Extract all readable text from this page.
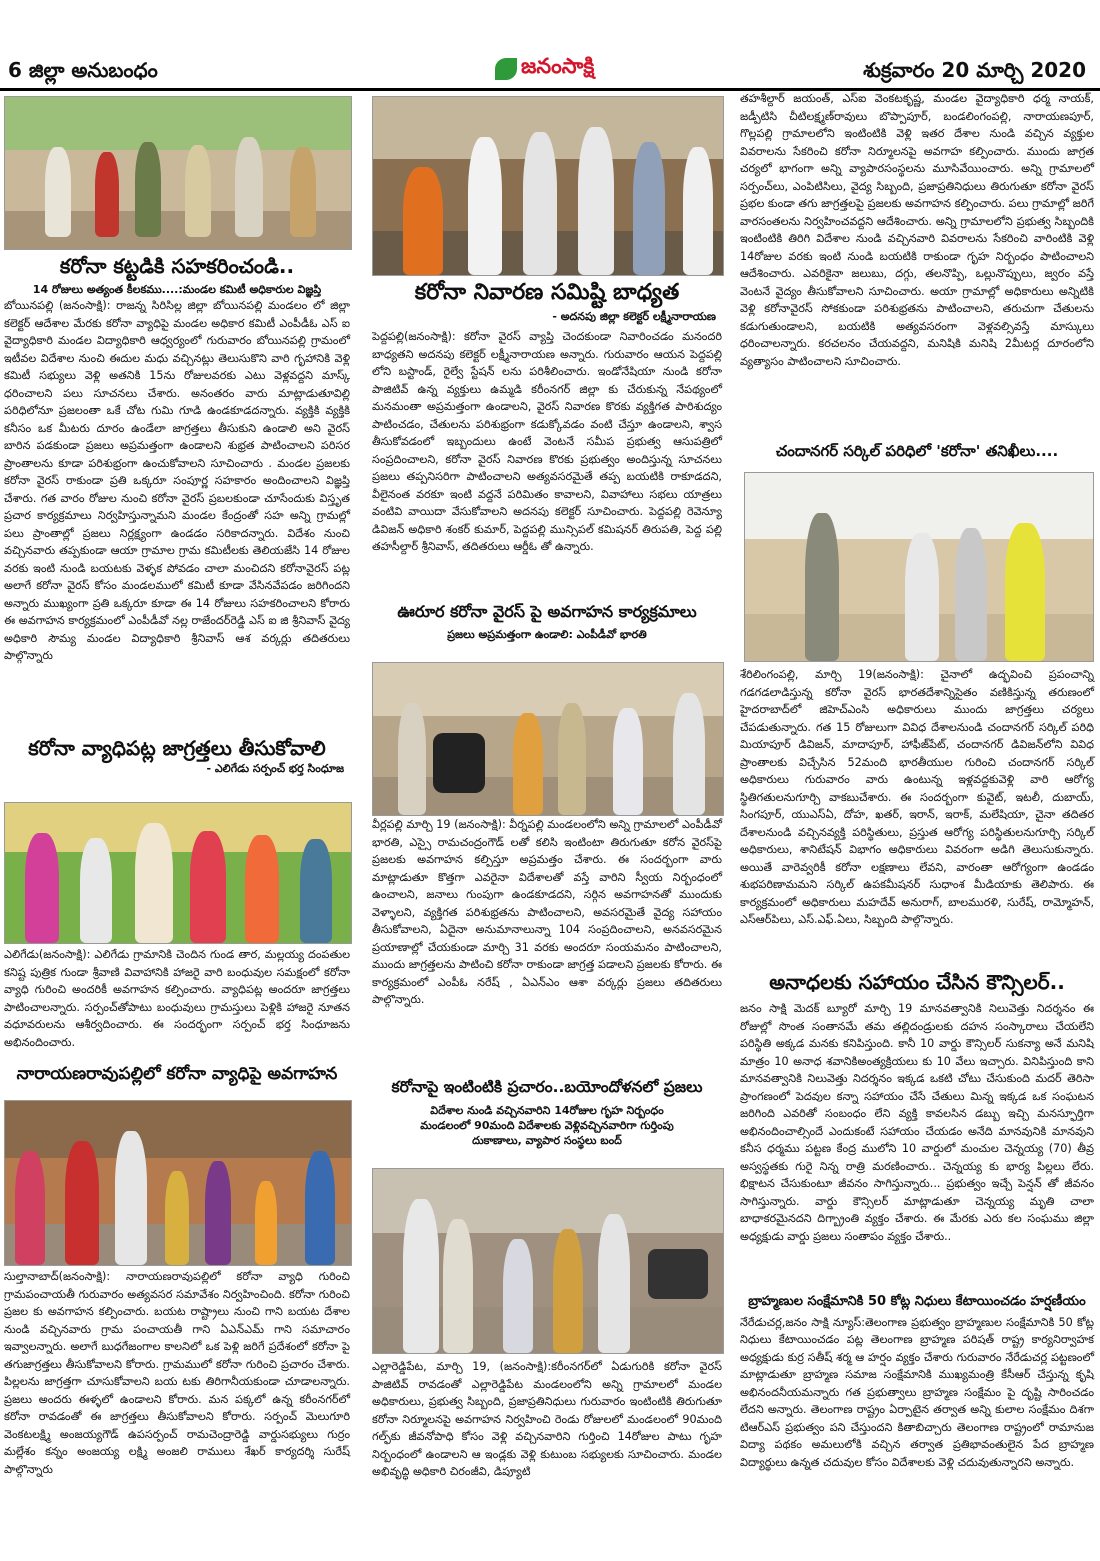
6 జిల్లా అనుబంధం	జనంసాక్షి	శుక్రవారం 20 మార్చి 2020
కరోనా కట్టడికి సహకరించండి..
14 రోజులు అత్యంత కీలకము....:మండల కమిటీ అధికారుల విజ్ఞప్తి

బోయినపల్లి (జనంసాక్షి): రాజన్న సిరిసిల్ల జిల్లా బోయినపల్లి మండలం లో జిల్లా కలెక్టర్ ఆదేశాల మేరకు కరోనా వ్యాధిపై మండల అధికార కమిటీ ఎంపీడీఓ ఎస్ ఐ వైద్యాధికారి మండల విద్యాధికారి ఆధ్వర్యంలో గురువారం బోయినపల్లి గ్రామంలో ఇటీవల విదేశాల నుంచి ఈదుల మధు వచ్చినట్లు తెలుసుకొని వారి గృహానికి వెళ్లి కమిటీ సభ్యులు వెళ్లి అతనికి 15ను రోజులవరకు ఎటు వెళ్లవద్దని మాస్క్ ధరించాలని పలు సూచనలు చేశారు. అనంతరం వారు మాట్లాడుతూవిల్లి పరిధిలోనూ ప్రజలంతా ఒకే చోట గుమి గూడి ఉండకూడదన్నారు. వ్యక్తికి వ్యక్తికి కనీసం ఒక మీటరు దూరం ఉండేలా జాగ్రత్తలు తీసుకుని ఉండాలి అని వైరస్ బారిన పడకుండా ప్రజలు అప్రమత్తంగా ఉండాలని శుభ్రత పాటించాలని పరిసర ప్రాంతాలను కూడా పరిశుభ్రంగా ఉంచుకోవాలని సూచించారు . మండల ప్రజలకు కరోనా వైరస్ రాకుండా ప్రతి ఒక్కరూ సంపూర్ణ సహకారం అందించాలని విజ్ఞప్తి చేశారు. గత వారం రోజుల నుంచి కరోనా వైరస్ ప్రబలకుండా చూసేందుకు విస్తృత ప్రచార కార్యక్రమాలు నిర్వహిస్తున్నామని మండల కేంద్రంతో సహ అన్ని గ్రామల్లో పలు ప్రాంతాల్లో ప్రజలు నిర్లక్ష్యంగా ఉండడం సరికాదన్నారు. విదేశం నుంచి వచ్చినవారు తప్పకుండా ఆయా గ్రామాల గ్రామ కమిటీలకు తెలియజేసి 14 రోజుల వరకు ఇంటి నుండి బయటకు వెళ్ళక పోవడం చాలా మంచిదని కరోనావైరస్ పట్ల అలాగే కరోనా వైరస్ కోసం మండలములో కమిటీ కూడా వేసినవేపడం జరిగిందని అన్నారు ముఖ్యంగా ప్రతి ఒక్కరూ కూడా ఈ 14 రోజులు సహకరించాలని కోరారు ఈ అవగాహన కార్యక్రమంలో ఎంపీడీవో నల్ల రాజేందర్‌రెడ్డి ఎస్ ఐ జి శ్రీనివాస్ వైద్య అధికారి సౌమ్య మండల విద్యాధికారి శ్రీనివాస్ ఆశ వర్కర్లు తదితరులు పాల్గొన్నారు

కరోనా వ్యాధిపట్ల జాగ్రత్తలు తీసుకోవాలి
- ఎలిగేడు సర్పంచ్ భర్త సింధూజ

ఎలిగేడు(జనంసాక్షి): ఎలిగేడు గ్రామానికి చెందిన గుండ తార, మల్లయ్య దంపతుల కనిష్ట పుత్రిక గుండా శ్రీవాణి వివాహానికి హాజరై వారి బంధువుల సమక్షంలో కరోనా వ్యాధి గురించి అందరికీ అవగాహన కల్పించారు. వ్యాధిపట్ల అందరూ జాగ్రత్తలు పాటించాలన్నారు. సర్పంచ్‌తోపాటు బంధువులు గ్రామస్తులు పెళ్లికి హాజరై నూతన వధూవరులను ఆశీర్వదించారు. ఈ సందర్భంగా సర్పంచ్ భర్త సింధూజను అభినందించారు.

నారాయణరావుపల్లిలో కరోనా వ్యాధిపై అవగాహన

సుల్తానాబాద్(జనంసాక్షి): నారాయణరావుపల్లిలో కరోనా వ్యాధి గురించి గ్రామపంచాయతీ గురువారం అత్యవసర సమావేశం నిర్వహించింది. కరోనా గురించి ప్రజల కు అవగాహన కల్పించారు. బయట రాష్ట్రాలు నుంచి గాని బయట దేశాల నుండి వచ్చినవారు గ్రామ పంచాయతీ గాని ఏఎన్‌ఎమ్ గాని సమాచారం ఇవ్వాలన్నారు. అలాగే బుధగేజంగాల కాలనిలో ఒక పెళ్లి జరిగే ప్రదేశంలో కరోనా పై తగుజాగ్రత్తలు తీసుకోవాలని కోరారు. గ్రామములో కరోనా గురించి ప్రచారం చేశారు. పిల్లలను జాగ్రత్తగా చూసుకోవాలని బయ టకు తిరిగానీయకుండా చూడాలన్నారు. ప్రజలు అందరు ఈళ్ళలో ఉండాలని కోరారు. మన పక్కలో ఉన్న కరీంనగర్‌లో కరోనా రావడంతో ఈ జాగ్రత్తలు తీసుకోవాలని కోరారు. సర్పంచ్ మెలుగూరి వెంకటలక్ష్మి అంజయ్యగౌడ్ ఉపసర్పంచ్ రామచెంద్రారెడ్డి వార్డుసభ్యులు గుర్రం మల్లేశం కన్నం అంజయ్య లక్ష్మి అంజలి రాములు శేఖర్ కార్యదర్శి సురేష్ పాల్గొన్నారు

కరోనా నివారణ సమిష్టి బాధ్యత
- అదనపు జిల్లా కలెక్టర్ లక్ష్మీనారాయణ

పెద్దపల్లి(జనంసాక్షి): కరోనా వైరస్ వ్యాప్తి చెందకుండా నివారించడం మనందరి బాధ్యతని అదనపు కలెక్టర్ లక్ష్మీనారాయణ అన్నారు. గురువారం ఆయన పెద్దపల్లి లోని బస్టాండ్, రైల్వే స్టేషన్ లను పరిశీలించారు. ఇండోనేషియా నుండి కరోనా పాజిటివ్ ఉన్న వ్యక్తులు ఉమ్మడి కరీంనగర్ జిల్లా కు చేరుకున్న నేపథ్యంలో మనమంతా అప్రమత్తంగా ఉండాలని, వైరస్ నివారణ కొరకు వ్యక్తిగత పారిశుద్యం పాటించడం, చేతులను పరిశుభ్రంగా కడుక్కోవడం వంటి చేస్తూ ఉండాలని, శ్వాస తీసుకోవడంలో ఇబ్బందులు ఉంటే వెంటనే సమీప ప్రభుత్వ ఆసుపత్రిలో సంప్రదించాలని, కరోనా వైరస్ నివారణ కొరకు ప్రభుత్వం అందిస్తున్న సూచనలు ప్రజలు తప్పనిసరిగా పాటించాలని అత్యవసరమైతే తప్ప బయటికి రాకూడదని, వీలైనంత వరకూ ఇంటి వద్దనే పరిమితం కావాలని, వివాహాలు సభలు యాత్రలు వంటివి వాయిదా వేసుకోవాలని అదనపు కలెక్టర్ సూచించారు. పెద్దపల్లి రెవెన్యూ డివిజన్ అధికారి శంకర్ కుమార్, పెద్దపల్లి మున్సిపల్ కమిషనర్ తిరుపతి, పెద్ద పల్లి తహసీల్దార్ శ్రీనివాస్, తదితరులు ఆర్డీఓ తో ఉన్నారు.

ఊరూర కరోనా వైరస్ పై అవగాహన కార్యక్రమాలు
ప్రజలు అప్రమత్తంగా ఉండాలి: ఎంపీడీవో భారతి

వీర్లపల్లి మార్చి 19 (జనంసాక్షి): వీర్నపల్లి మండలంలోని అన్ని గ్రామాలలో ఎంపీడీవో భారతి, ఎస్సై రామచంద్రంగౌడ్ లతో కలిసి ఇంటింటా తిరుగుతూ కరోన వైరస్‌పై ప్రజలకు అవగాహన కల్పిస్తూ అప్రమత్తం చేశారు. ఈ సందర్బంగా వారు మాట్లాడుతూ కొత్తగా ఎవరైనా విదేశాలతో వస్తే వారిని స్వీయ నిర్బంధంలో ఉంచాలని, జనాలు గుంపుగా ఉండకూడదని, సర్గిన అవగాహనతో ముందుకు వెళ్ళాలని, వ్యక్తిగత పరిశుభ్రతను పాటించాలని, అవసరమైతే వైద్య సహాయం తీసుకోవాలని, ఏదైనా అనుమానాలున్నా 104 సంప్రదించాలని, అనవసరమైన ప్రయాణాల్లో చేయకుండా మార్చి 31 వరకు అందరూ సంయమనం పాటించాలని, ముందు జాగ్రత్తలను పాటించి కరోనా రాకుండా జాగ్రత్త పడాలని ప్రజలకు కోరారు. ఈ కార్యక్రమంలో ఎంపీఓ నరేష్ , ఏఎన్‌ఎం ఆశా వర్కర్లు ప్రజలు తదితరులు పాల్గొన్నారు.

కరోనాపై ఇంటింటికి ప్రచారం..బయోందోళనలో ప్రజలు
విదేశాల నుండి వచ్చినవారిని 14రోజుల గృహ నిర్బంధం
మండలంలో 90మంది విదేశాలకు వెళ్లివచ్చినవారిగా గుర్తింపు
దుకాణాలు, వ్యాపార సంస్థలు బంద్

ఎల్లారెడ్డిపేట, మార్చి 19, (జనంసాక్షి):కరీంనగర్‌లో ఏడుగురికి కరోనా వైరస్ పాజిటివ్ రావడంతో ఎల్లారెడ్డిపేట మండలంలోని అన్ని గ్రామాలలో మండల అధికారులు, ప్రభుత్వ సిబ్బంది, ప్రజాప్రతినిధులు గురువారం ఇంటింటికి తిరుగుతూ కరోనా నిర్మూలనపై అవగాహన నిర్వహించి రెండు రోజులలో మండలంలో 90మంది గల్ఫ్‌కు జీవనోపాధి కోసం వెళ్లి వచ్చినవారిని గుర్తించి 14రోజుల పాటు గృహ నిర్బంధంలో ఉండాలని ఆ ఇండ్లకు వెళ్లి కుటుంబ సభ్యులకు సూచించారు. మండల అభివృద్ధి అధికారి చిరంజీవి, డిప్యూటి

తహశీల్దార్ జయంత్, ఎస్ఐ వెంకటకృష్ణ, మండల వైద్యాధికారి ధర్మ నాయక్, జడ్పీటిసి చీటిలక్ష్మణ్‌రావులు బొప్పాపూర్, బండలింగంపల్లి, నారాయణపూర్, గొల్లపల్లి గ్రామాలలోని ఇంటింటికి వెళ్లి ఇతర దేశాల నుండి వచ్చిన వ్యక్తుల వివరాలను సేకరించి కరోనా నిర్మూలనపై అవగాహ కల్పించారు. ముందు జాగ్రత చర్యలో భాగంగా అన్ని వ్యాపారసంస్థలను మూసివేయించారు. అన్ని గ్రామాలలో సర్పంచ్‌లు, ఎంపిటిసిలు, వైద్య సిబ్బంది, ప్రజాప్రతినిధులు తిరుగుతూ కరోనా వైరస్ ప్రభల కుండా తగు జాగ్రత్తలపై ప్రజలకు అవగాహన కల్పించారు. పలు గ్రామాల్లో జరిగే వారసంతలను నిర్వహించవద్దని ఆదేశించారు. అన్ని గ్రామాలలోని ప్రభుత్వ సిబ్బందికి ఇంటింటికి తిరిగి విదేశాల నుండి వచ్చినవారి వివరాలను సేకరించి వారింటికి వెళ్లి 14రోజుల వరకు ఇంటి నుండి బయటికి రాకుండా గృహ నిర్బంధం పాటించాలని ఆదేశించారు. ఎవరికైనా జలుబు, దగ్గు, తలనొప్పి, ఒల్లునొప్పులు, జ్వరం వస్తే వెంటనే వైద్యం తీసుకోవాలని సూచించారు. అయా గ్రామాల్లో అధికారులు అన్నిటికి వెళ్లి కరోనావైరస్ సోకకుండా పరిశుభ్రతను పాటించాలని, తరుచుగా చేతులను కడుగుతుండాలని, బయటికి అత్యవసరంగా వెళ్లవల్సివస్తే మాస్కులు ధరించాలన్నారు. కరచలనం చేయవద్దని, మనిషికి మనిషి 2మీటర్ల దూరంలోని వ్యత్యాసం పాటించాలని సూచించారు.

చందానగర్ సర్కిల్ పరిధిలో 'కరోనా' తనిఖీలు....

శేరిలింగంపల్లి, మార్చి 19(జనంసాక్షి): చైనాలో ఉద్భవించి ప్రపంచాన్ని గడగడలాడిస్తున్న కరోనా వైరస్ భారతదేశాన్నిసైతం వణికిస్తున్న తరుణంలో హైదరాబాద్‌లో జిహెచ్‌ఎంసి అధికారులు ముందు జాగ్రత్తలు చర్యలు చేపడుతున్నారు. గత 15 రోజులుగా వివిధ దేశాలనుండి చందానగర్ సర్కిల్ పరిధి మియాపూర్ డివిజన్, మాదాపూర్, హాఫీజ్‌పేట్, చందానగర్ డివిజన్‌లోని వివిధ ప్రాంతాలకు విచ్చేసిన 52మంది భారతీయుల గురించి చందానగర్ సర్కిల్ అధికారులు గురువారం వారు ఉంటున్న ఇళ్లవద్దకువెళ్లి వారి ఆరోగ్య స్థితిగతులనుగూర్చి వాకబుచేశారు. ఈ సందర్బంగా కువైట్, ఇటలీ, దుబాయ్, సింగపూర్, యుఎస్ఏ, దోహ, ఖతర్, ఇరాన్, ఇరాక్, మలేషియా, చైనా తదితర దేశాలనుండి వచ్చినవ్యక్తి పరిస్థితులు, ప్రస్తుత ఆరోగ్య పరిస్థితులనుగూర్చి సర్కిల్ అధికారులు, శానిటేషన్ విభాగం అధికారులు వివరంగా అడిగి తెలుసుకున్నారు. అయితే వారెవ్వరికీ కరోనా లక్షణాలు లేవని, వారంతా ఆరోగ్యంగా ఉండడం శుభపరిణామమని సర్కిల్ ఉపకమీషనర్ సుధాంశ మీడియాకు తెలిపారు. ఈ కార్యక్రమంలో అధికారులు మహదేవ్ అనురాగ్, బాలమురళి, సురేష్, రామ్మోహన్, ఎస్‌ఆర్‌పిలు, ఎస్.ఎఫ్.ఏలు, సిబ్బంది పాల్గొన్నారు.

అనాధలకు సహాయం చేసిన కౌన్సిలర్..

జనం సాక్షి మెదక్ బ్యూరో మార్చి 19 మానవత్వానికి నిలువెత్తు నిదర్శనం ఈ రోజుల్లో సొంత సంతానమే తమ తల్లిదండ్రులకు దహన సంస్కారాలు చేయలేని పరిస్థితి అక్కడ మనకు కనిపిస్తుంది. కానీ 10 వార్డు కౌన్సిలర్ సుకన్యా అనే మనిషి మాత్రం 10 అనాధ శవానికిఅంత్యక్రియలు కు 10 వేలు ఇచ్చారు. వినిపిస్తుంది కాని మానవత్వానికి నిలువెత్తు నిదర్శనం ఇక్కడ ఒకటి చోటు చేసుకుంది మదర్ తెరిసా ప్రాంగణంలో పెదవుల కన్నా సహాయం చేసే చేతులు మిన్న ఇక్కడ ఒక సంఘటన జరిగింది ఎవరితో సంబంధం లేని వ్యక్తి కావలసిన డబ్బు ఇచ్చి మనస్ఫూర్తిగా అభినందించాల్సిందే ఎందుకంటే సహాయం చేయడం అనేది మానవునికి మానవుని కనీస ధర్మము పట్టణ కేంద్ర ములోని 10 వార్డులో మంచుల చెన్నయ్య (70) తీవ్ర అస్వస్థతకు గురై నిన్న రాత్రి మరణించారు.. చెన్నయ్య కు భార్య పిల్లలు లేరు. భిక్షాటన చేసుకుంటూ జీవనం సాగిస్తున్నారు... ప్రభుత్వం ఇచ్చే పెన్షన్ తో జీవనం సాగిస్తున్నారు. వార్డు కౌన్సిలర్ మాట్లాడుతూ చెన్నయ్య మృతి చాలా బాధాకరమైనదని దిగ్బ్రాంతి వ్యక్తం చేశారు. ఈ మేరకు ఎరు కల సంఘము జిల్లా అధ్యక్షుడు వార్డు ప్రజలు సంతాపం వ్యక్తం చేశారు..

బ్రాహ్మణుల సంక్షేమానికి 50 కోట్ల నిధులు కేటాయించడం హర్షణీయం

నేరేడుచర్ల,జనం సాక్షి న్యూస్:తెలంగాణ ప్రభుత్వం బ్రాహ్మణుల సంక్షేమానికి 50 కోట్ల నిధులు కేటాయించడం పట్ల తెలంగాణ బ్రాహ్మణ పరిషత్ రాష్ట్ర కార్యనిర్వాహక అధ్యక్షుడు కుర్ర సతీష్ శర్మ ఆ హర్షం వ్యక్తం చేశారు గురువారం నేరేడుచర్ల పట్టణంలో మాట్లాడుతూ బ్రాహ్మణ సమాజ సంక్షేమానికి ముఖ్యమంత్రి కేసీఆర్ చేస్తున్న కృషి అభినందనీయమన్నారు గత ప్రభుత్వాలు బ్రాహ్మణ సంక్షేమం పై దృష్టి సారించడం లేదని అన్నారు. తెలంగాణ రాష్ట్రం ఏర్పాటైన తర్వాత అన్ని కులాల సంక్షేమం దిశగా టిఆర్ఎస్ ప్రభుత్వం పని చేస్తుందని కితాబిచ్చారు తెలంగాణ రాష్ట్రంలో రామానుజ విద్యా పథకం అమలులోకి వచ్చిన తర్వాత ప్రతిభావంతులైన పేద బ్రాహ్మణ విద్యార్థులు ఉన్నత చదువుల కోసం విదేశాలకు వెళ్లి చదువుతున్నారని అన్నారు.
